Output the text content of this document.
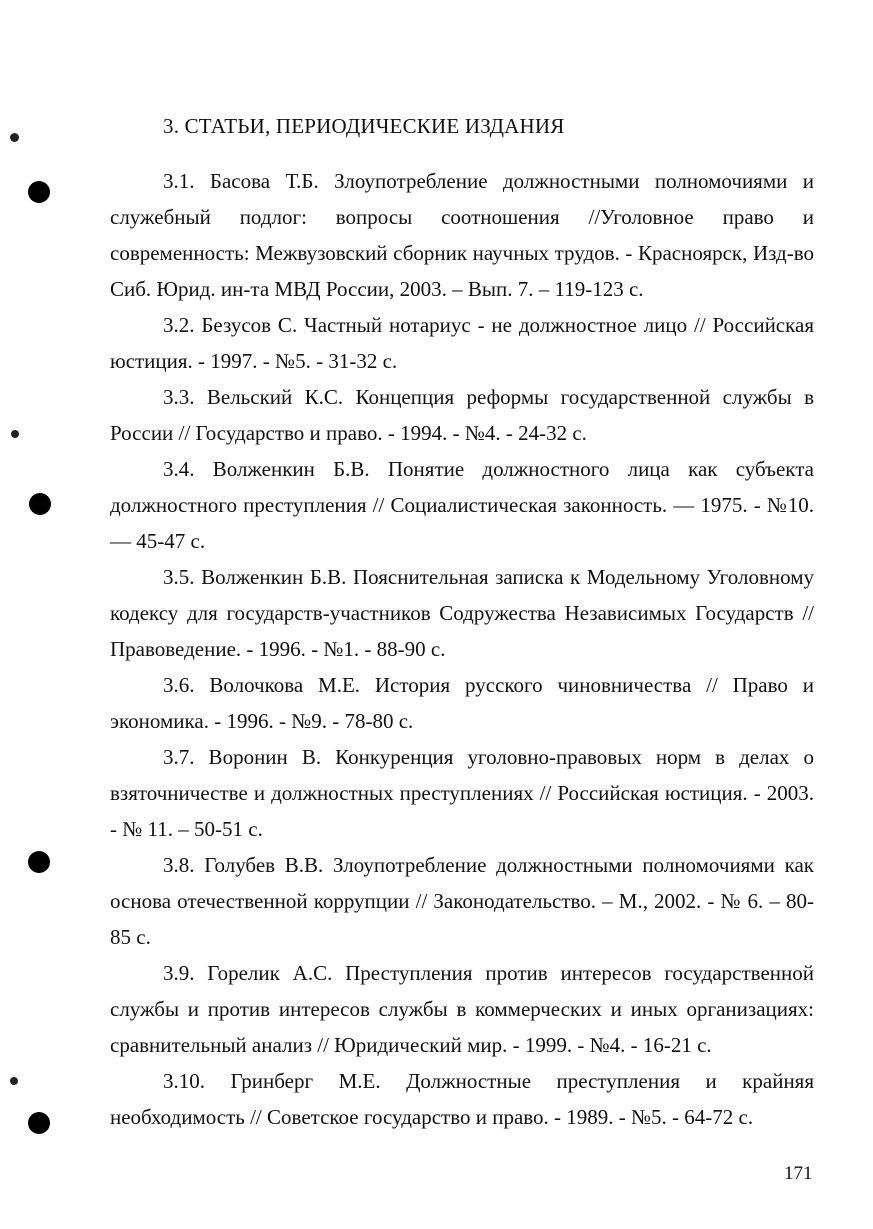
3. СТАТЬИ, ПЕРИОДИЧЕСКИЕ ИЗДАНИЯ

3.1. Басова Т.Б. Злоупотребление должностными полномочиями и служебный подлог: вопросы соотношения //Уголовное право и современность: Межвузовский сборник научных трудов. - Красноярск, Изд-во Сиб. Юрид. ин-та МВД России, 2003. – Вып. 7. – 119-123 с.

3.2. Безусов С. Частный нотариус - не должностное лицо // Российская юстиция. - 1997. - №5. - 31-32 с.

3.3. Вельский К.С. Концепция реформы государственной службы в России // Государство и право. - 1994. - №4. - 24-32 с.

3.4. Волженкин Б.В. Понятие должностного лица как субъекта должностного преступления // Социалистическая законность. — 1975. - №10. — 45-47 с.

3.5. Волженкин Б.В. Пояснительная записка к Модельному Уголовному кодексу для государств-участников Содружества Независимых Государств // Правоведение. - 1996. - №1. - 88-90 с.

3.6. Волочкова М.Е. История русского чиновничества // Право и экономика. - 1996. - №9. - 78-80 с.

3.7. Воронин В. Конкуренция уголовно-правовых норм в делах о взяточничестве и должностных преступлениях // Российская юстиция. - 2003. - № 11. – 50-51 с.

3.8. Голубев В.В. Злоупотребление должностными полномочиями как основа отечественной коррупции // Законодательство. – М., 2002. - № 6. – 80-85 с.

3.9. Горелик А.С. Преступления против интересов государственной службы и против интересов службы в коммерческих и иных организациях: сравнительный анализ // Юридический мир. - 1999. - №4. - 16-21 с.

3.10. Гринберг М.Е. Должностные преступления и крайняя необходимость // Советское государство и право. - 1989. - №5. - 64-72 с.

171
